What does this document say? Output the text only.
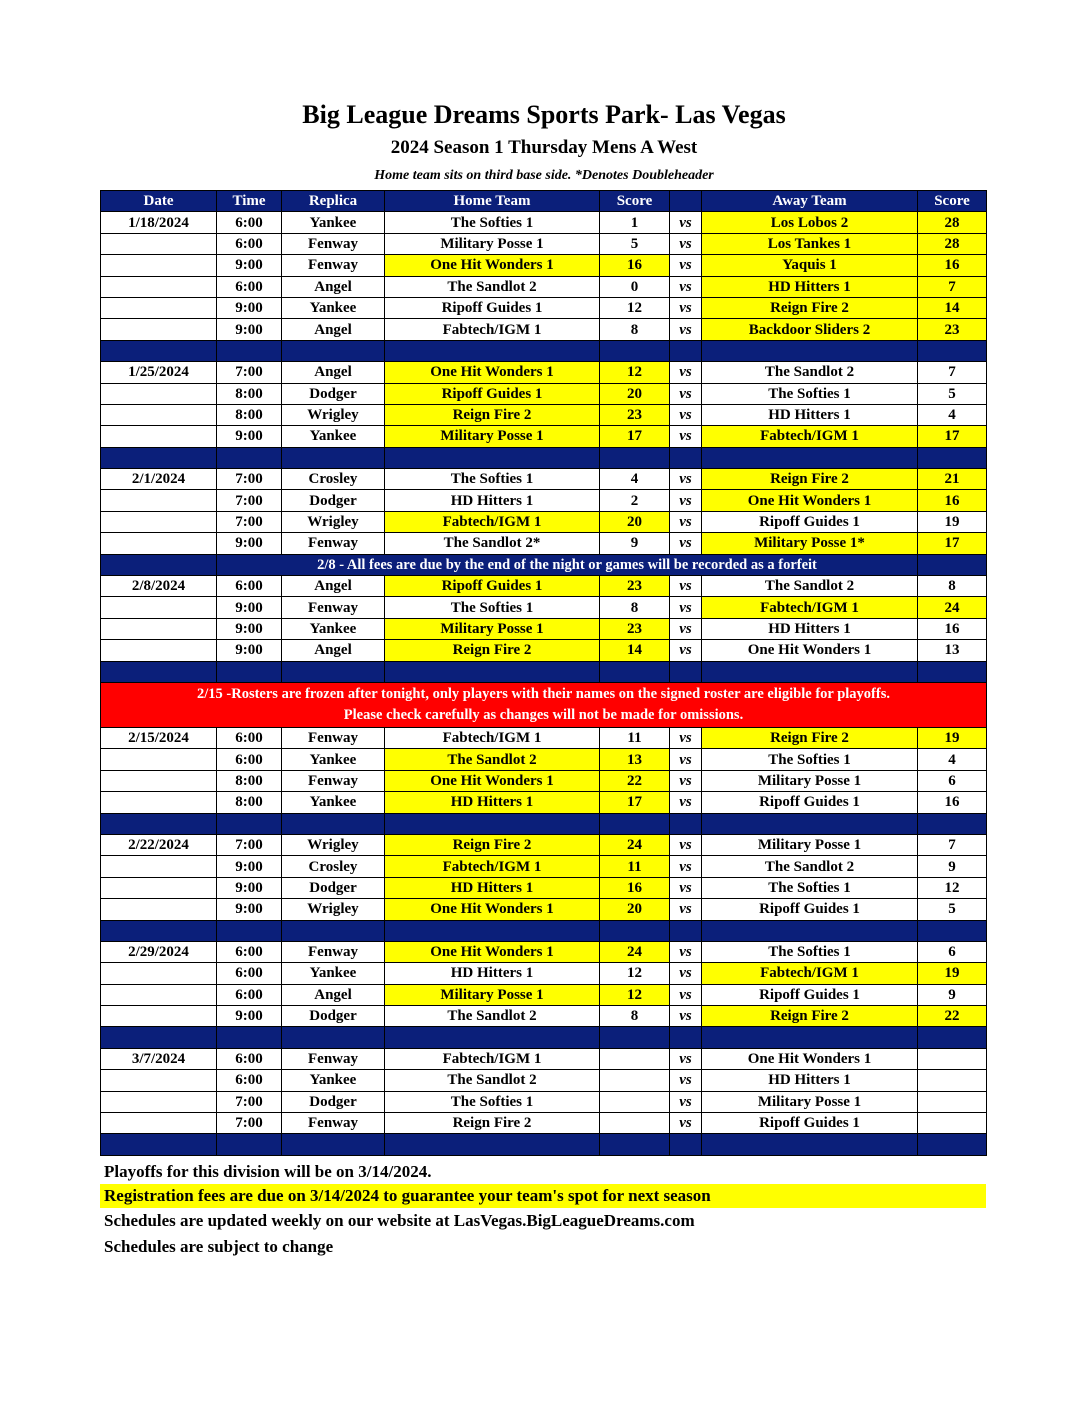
Big League Dreams Sports Park- Las Vegas
2024 Season 1 Thursday Mens A West
Home team sits on third base side. *Denotes Doubleheader
Date	Time	Replica	Home Team	Score		Away Team	Score
1/18/2024	6:00	Yankee	The Softies 1	1	vs	Los Lobos 2	28
	6:00	Fenway	Military Posse 1	5	vs	Los Tankes 1	28
	9:00	Fenway	One Hit Wonders 1	16	vs	Yaquis 1	16
	6:00	Angel	The Sandlot 2	0	vs	HD Hitters 1	7
	9:00	Yankee	Ripoff Guides 1	12	vs	Reign Fire 2	14
	9:00	Angel	Fabtech/IGM 1	8	vs	Backdoor Sliders 2	23

1/25/2024	7:00	Angel	One Hit Wonders 1	12	vs	The Sandlot 2	7
	8:00	Dodger	Ripoff Guides 1	20	vs	The Softies 1	5
	8:00	Wrigley	Reign Fire 2	23	vs	HD Hitters 1	4
	9:00	Yankee	Military Posse 1	17	vs	Fabtech/IGM 1	17

2/1/2024	7:00	Crosley	The Softies 1	4	vs	Reign Fire 2	21
	7:00	Dodger	HD Hitters 1	2	vs	One Hit Wonders 1	16
	7:00	Wrigley	Fabtech/IGM 1	20	vs	Ripoff Guides 1	19
	9:00	Fenway	The Sandlot 2*	9	vs	Military Posse 1*	17
	2/8 - All fees are due by the end of the night or games will be recorded as a forfeit						
2/8/2024	6:00	Angel	Ripoff Guides 1	23	vs	The Sandlot 2	8
	9:00	Fenway	The Softies 1	8	vs	Fabtech/IGM 1	24
	9:00	Yankee	Military Posse 1	23	vs	HD Hitters 1	16
	9:00	Angel	Reign Fire 2	14	vs	One Hit Wonders 1	13

2/15 -Rosters are frozen after tonight, only players with their names on the signed roster are eligible for playoffs.
Please check carefully as changes will not be made for omissions.							

2/15/2024	6:00	Fenway	Fabtech/IGM 1	11	vs	Reign Fire 2	19
	6:00	Yankee	The Sandlot 2	13	vs	The Softies 1	4
	8:00	Fenway	One Hit Wonders 1	22	vs	Military Posse 1	6
	8:00	Yankee	HD Hitters 1	17	vs	Ripoff Guides 1	16

2/22/2024	7:00	Wrigley	Reign Fire 2	24	vs	Military Posse 1	7
	9:00	Crosley	Fabtech/IGM 1	11	vs	The Sandlot 2	9
	9:00	Dodger	HD Hitters 1	16	vs	The Softies 1	12
	9:00	Wrigley	One Hit Wonders 1	20	vs	Ripoff Guides 1	5

2/29/2024	6:00	Fenway	One Hit Wonders 1	24	vs	The Softies 1	6
	6:00	Yankee	HD Hitters 1	12	vs	Fabtech/IGM 1	19
	6:00	Angel	Military Posse 1	12	vs	Ripoff Guides 1	9
	9:00	Dodger	The Sandlot 2	8	vs	Reign Fire 2	22

3/7/2024	6:00	Fenway	Fabtech/IGM 1		vs	One Hit Wonders 1	
	6:00	Yankee	The Sandlot 2		vs	HD Hitters 1	
	7:00	Dodger	The Softies 1		vs	Military Posse 1	
	7:00	Fenway	Reign Fire 2		vs	Ripoff Guides 1	

Playoffs for this division will be on 3/14/2024.
Registration fees are due on 3/14/2024 to guarantee your team's spot for next season
Schedules are updated weekly on our website at LasVegas.BigLeagueDreams.com
Schedules are subject to change
